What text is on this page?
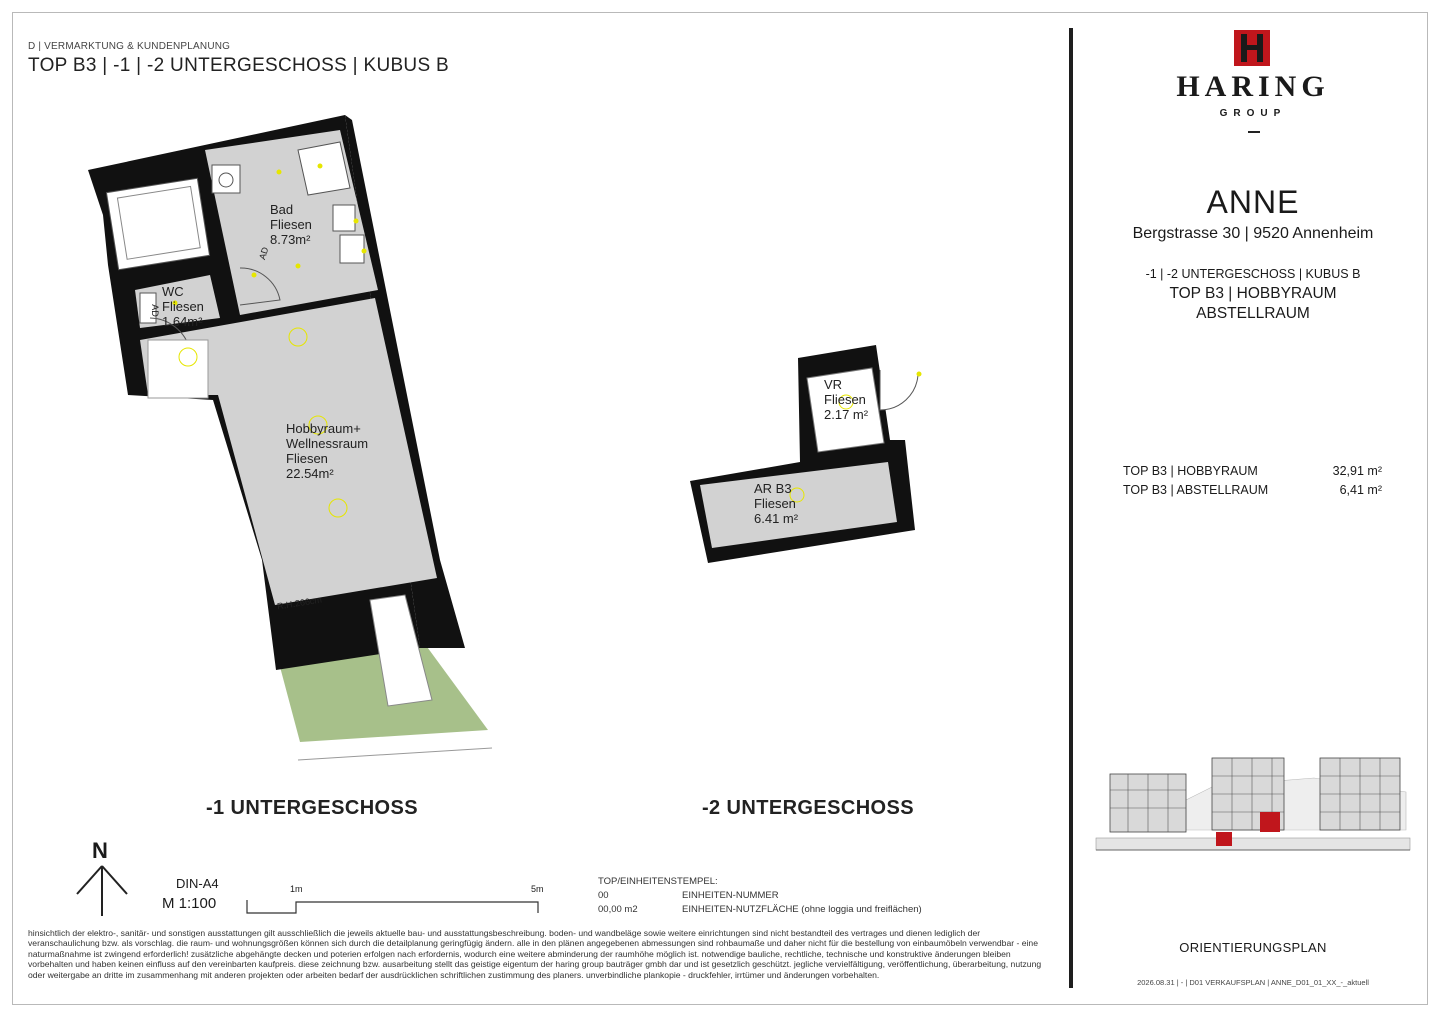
D | VERMARKTUNG & KUNDENPLANUNG
TOP B3 | -1 | -2 UNTERGESCHOSS | KUBUS B
Bad
Fliesen
8.73m²
WC
Fliesen
1.64m²
Hobbyraum+
Wellnessraum
Fliesen
22.54m²
R.H.266cm
AD
AD
VR
Fliesen
2.17 m²
AR B3
Fliesen
6.41 m²
-1 UNTERGESCHOSS	-2 UNTERGESCHOSS
N
DIN-A4
M 1:100
1m	5m
TOP/EINHEITENSTEMPEL:
00	EINHEITEN-NUMMER
00,00 m2	EINHEITEN-NUTZFLÄCHE (ohne loggia und freiflächen)
hinsichtlich der elektro-, sanitär- und sonstigen ausstattungen gilt ausschließlich die jeweils aktuelle bau- und ausstattungsbeschreibung. boden- und wandbeläge sowie weitere einrichtungen sind nicht bestandteil des vertrages und dienen lediglich der veranschaulichung bzw. als vorschlag. die raum- und wohnungsgrößen können sich durch die detailplanung geringfügig ändern. alle in den plänen angegebenen abmessungen sind rohbaumaße und daher nicht für die bestellung von einbaumöbeln verwendbar - eine naturmaßnahme ist zwingend erforderlich! zusätzliche abgehängte decken und poterien erfolgen nach erfordernis, wodurch eine weitere abminderung der raumhöhe möglich ist. notwendige bauliche, rechtliche, technische und konstruktive änderungen bleiben vorbehalten und haben keinen einfluss auf den vereinbarten kaufpreis. diese zeichnung bzw. ausarbeitung stellt das geistige eigentum der haring group bauträger gmbh dar und ist gesetzlich geschützt. jegliche vervielfältigung, veröffentlichung, überarbeitung, nutzung oder weitergabe an dritte im zusammenhang mit anderen projekten oder arbeiten bedarf der ausdrücklichen schriftlichen zustimmung des planers. unverbindliche plankopie - druckfehler, irrtümer und änderungen vorbehalten.
HARING
GROUP
ANNE
Bergstrasse 30 | 9520 Annenheim
-1 | -2 UNTERGESCHOSS | KUBUS B
TOP B3 | HOBBYRAUM
ABSTELLRAUM
TOP B3 | HOBBYRAUM	32,91 m²
TOP B3 | ABSTELLRAUM	6,41 m²
ORIENTIERUNGSPLAN
2026.08.31 | - | D01 VERKAUFSPLAN | ANNE_D01_01_XX_-_aktuell
